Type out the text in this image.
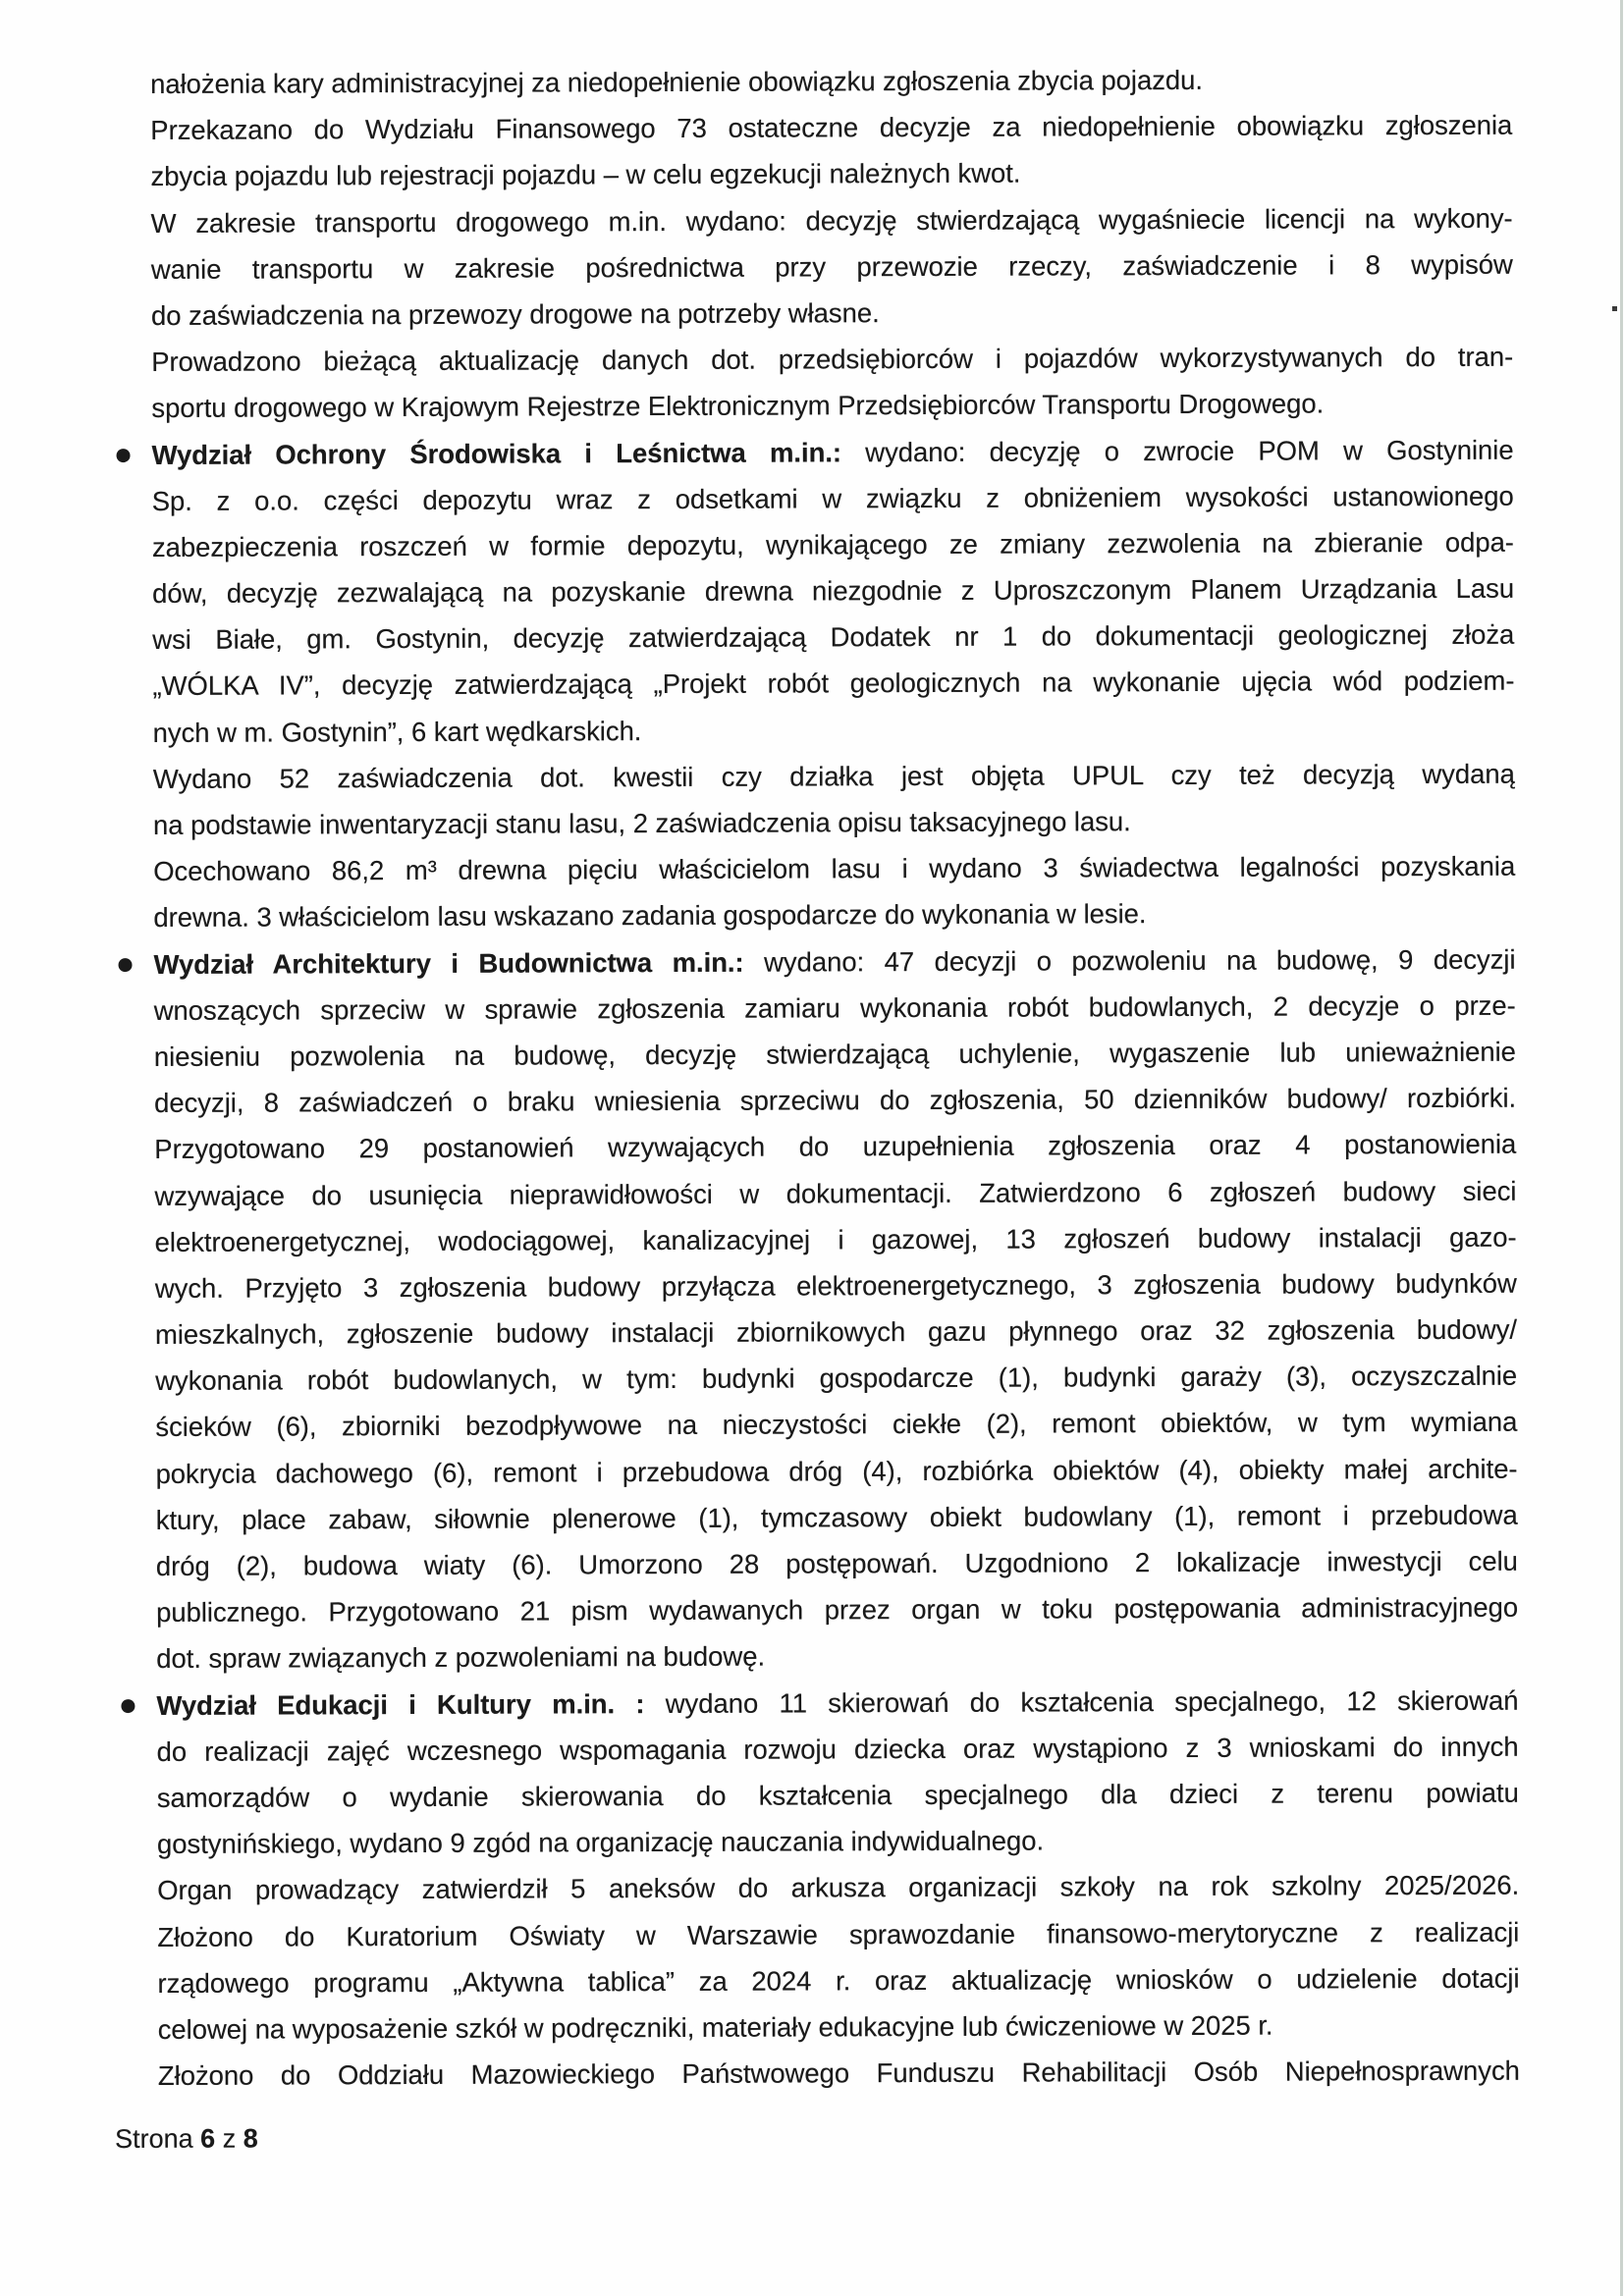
nałożenia kary administracyjnej za niedopełnienie obowiązku zgłoszenia zbycia pojazdu.
Przekazano do Wydziału Finansowego 73 ostateczne decyzje za niedopełnienie obowiązku zgłoszenia
zbycia pojazdu lub rejestracji pojazdu – w celu egzekucji należnych kwot.
W zakresie transportu drogowego m.in. wydano: decyzję stwierdzającą wygaśniecie licencji na wykony-
wanie transportu w zakresie pośrednictwa przy przewozie rzeczy, zaświadczenie i 8 wypisów
do zaświadczenia na przewozy drogowe na potrzeby własne.
Prowadzono bieżącą aktualizację danych dot. przedsiębiorców i pojazdów wykorzystywanych do tran-
sportu drogowego w Krajowym Rejestrze Elektronicznym Przedsiębiorców Transportu Drogowego.
Wydział Ochrony Środowiska i Leśnictwa m.in.: wydano: decyzję o zwrocie POM w Gostyninie
Sp. z o.o. części depozytu wraz z odsetkami w związku z obniżeniem wysokości ustanowionego
zabezpieczenia roszczeń w formie depozytu, wynikającego ze zmiany zezwolenia na zbieranie odpa-
dów, decyzję zezwalającą na pozyskanie drewna niezgodnie z Uproszczonym Planem Urządzania Lasu
wsi Białe, gm. Gostynin, decyzję zatwierdzającą Dodatek nr 1 do dokumentacji geologicznej złoża
„WÓLKA IV”, decyzję zatwierdzającą „Projekt robót geologicznych na wykonanie ujęcia wód podziem-
nych w m. Gostynin”, 6 kart wędkarskich.
Wydano 52 zaświadczenia dot. kwestii czy działka jest objęta UPUL czy też decyzją wydaną
na podstawie inwentaryzacji stanu lasu, 2 zaświadczenia opisu taksacyjnego lasu.
Ocechowano 86,2 m³ drewna pięciu właścicielom lasu i wydano 3 świadectwa legalności pozyskania
drewna. 3 właścicielom lasu wskazano zadania gospodarcze do wykonania w lesie.
Wydział Architektury i Budownictwa m.in.: wydano: 47 decyzji o pozwoleniu na budowę, 9 decyzji
wnoszących sprzeciw w sprawie zgłoszenia zamiaru wykonania robót budowlanych, 2 decyzje o prze-
niesieniu pozwolenia na budowę, decyzję stwierdzającą uchylenie, wygaszenie lub unieważnienie
decyzji, 8 zaświadczeń o braku wniesienia sprzeciwu do zgłoszenia, 50 dzienników budowy/ rozbiórki.
Przygotowano 29 postanowień wzywających do uzupełnienia zgłoszenia oraz 4 postanowienia
wzywające do usunięcia nieprawidłowości w dokumentacji. Zatwierdzono 6 zgłoszeń budowy sieci
elektroenergetycznej, wodociągowej, kanalizacyjnej i gazowej, 13 zgłoszeń budowy instalacji gazo-
wych. Przyjęto 3 zgłoszenia budowy przyłącza elektroenergetycznego, 3 zgłoszenia budowy budynków
mieszkalnych, zgłoszenie budowy instalacji zbiornikowych gazu płynnego oraz 32 zgłoszenia budowy/
wykonania robót budowlanych, w tym: budynki gospodarcze (1), budynki garaży (3), oczyszczalnie
ścieków (6), zbiorniki bezodpływowe na nieczystości ciekłe (2), remont obiektów, w tym wymiana
pokrycia dachowego (6), remont i przebudowa dróg (4), rozbiórka obiektów (4), obiekty małej archite-
ktury, place zabaw, siłownie plenerowe (1), tymczasowy obiekt budowlany (1), remont i przebudowa
dróg (2), budowa wiaty (6). Umorzono 28 postępowań. Uzgodniono 2 lokalizacje inwestycji celu
publicznego. Przygotowano 21 pism wydawanych przez organ w toku postępowania administracyjnego
dot. spraw związanych z pozwoleniami na budowę.
Wydział Edukacji i Kultury m.in. : wydano 11 skierowań do kształcenia specjalnego, 12 skierowań
do realizacji zajęć wczesnego wspomagania rozwoju dziecka oraz wystąpiono z 3 wnioskami do innych
samorządów o wydanie skierowania do kształcenia specjalnego dla dzieci z terenu powiatu
gostynińskiego, wydano 9 zgód na organizację nauczania indywidualnego.
Organ prowadzący zatwierdził 5 aneksów do arkusza organizacji szkoły na rok szkolny 2025/2026.
Złożono do Kuratorium Oświaty w Warszawie sprawozdanie finansowo-merytoryczne z realizacji
rządowego programu „Aktywna tablica” za 2024 r. oraz aktualizację wniosków o udzielenie dotacji
celowej na wyposażenie szkół w podręczniki, materiały edukacyjne lub ćwiczeniowe w 2025 r.
Złożono do Oddziału Mazowieckiego Państwowego Funduszu Rehabilitacji Osób Niepełnosprawnych
Strona 6 z 8
